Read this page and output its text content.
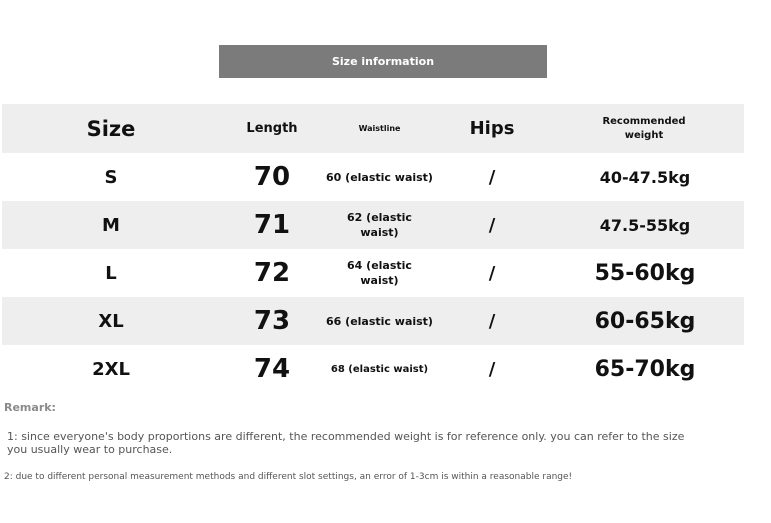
Size information
Size	Length	Waistline	Hips	Recommended weight
S	70	60 (elastic waist)	/	40-47.5kg
M	71	62 (elastic waist)	/	47.5-55kg
L	72	64 (elastic waist)	/	55-60kg
XL	73	66 (elastic waist)	/	60-65kg
2XL	74	68 (elastic waist)	/	65-70kg
Remark:
1: since everyone's body proportions are different, the recommended weight is for reference only. you can refer to the size you usually wear to purchase.
2: due to different personal measurement methods and different slot settings, an error of 1-3cm is within a reasonable range!
